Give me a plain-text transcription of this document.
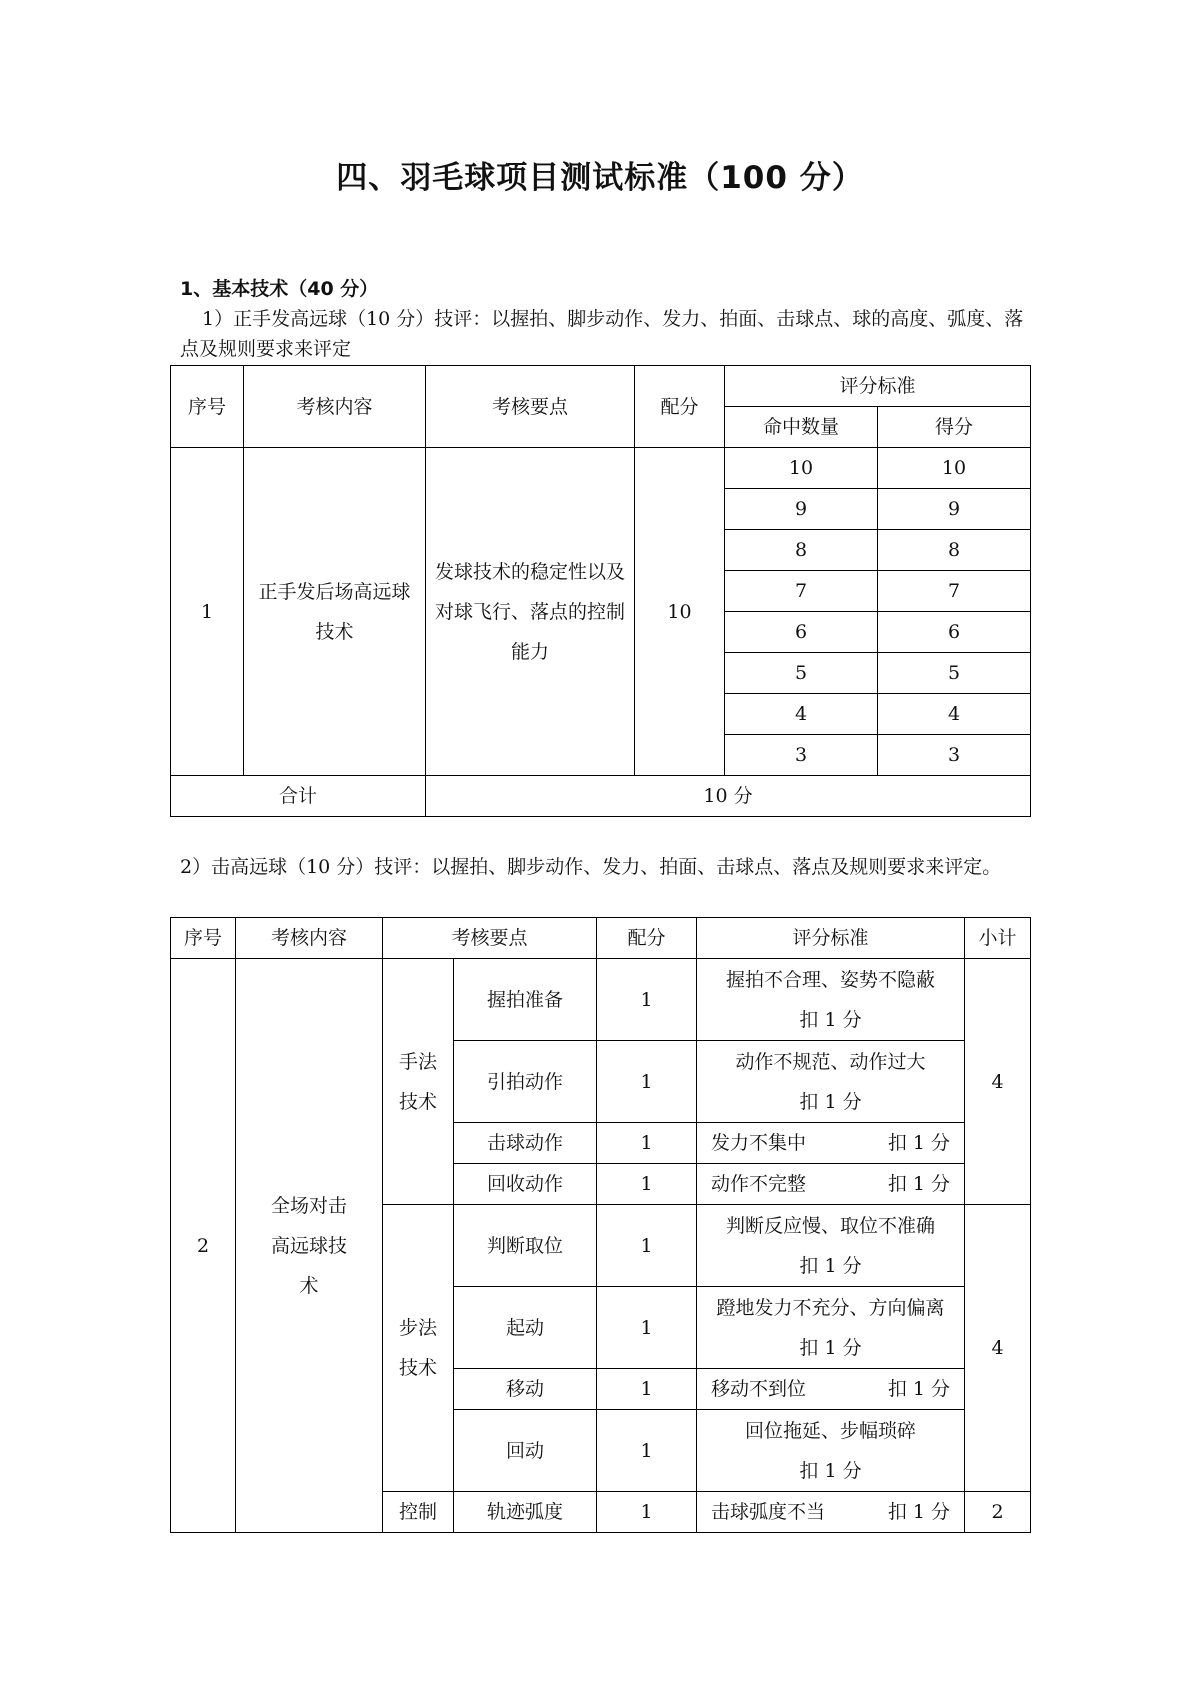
四、羽毛球项目测试标准（100 分）
1、基本技术（40 分）
1）正手发高远球（10 分）技评：以握拍、脚步动作、发力、拍面、击球点、球的高度、弧度、落点及规则要求来评定
序号	考核内容	考核要点	配分	评分标准	
				命中数量	得分
1	正手发后场高远球技术	发球技术的稳定性以及对球飞行、落点的控制能力	10	10	10
				9	9
				8	8
				7	7
				6	6
				5	5
				4	4
				3	3
合计		10 分			
2）击高远球（10 分）技评：以握拍、脚步动作、发力、拍面、击球点、落点及规则要求来评定。
序号	考核内容	考核要点		配分	评分标准	小计
2	全场对击高远球技术	手法技术	握拍准备	1	握拍不合理、姿势不隐蔽
扣 1 分	4

			引拍动作	1	动作不规范、动作过大
扣 1 分	

			击球动作	1	发力不集中 扣 1 分	

			回收动作	1	动作不完整 扣 1 分	

		步法技术	判断取位	1	判断反应慢、取位不准确
扣 1 分	4

			起动	1	蹬地发力不充分、方向偏离
扣 1 分	

			移动	1	移动不到位 扣 1 分	

			回动	1	回位拖延、步幅琐碎
扣 1 分	

		控制	轨迹弧度	1	击球弧度不当 扣 1 分	2
